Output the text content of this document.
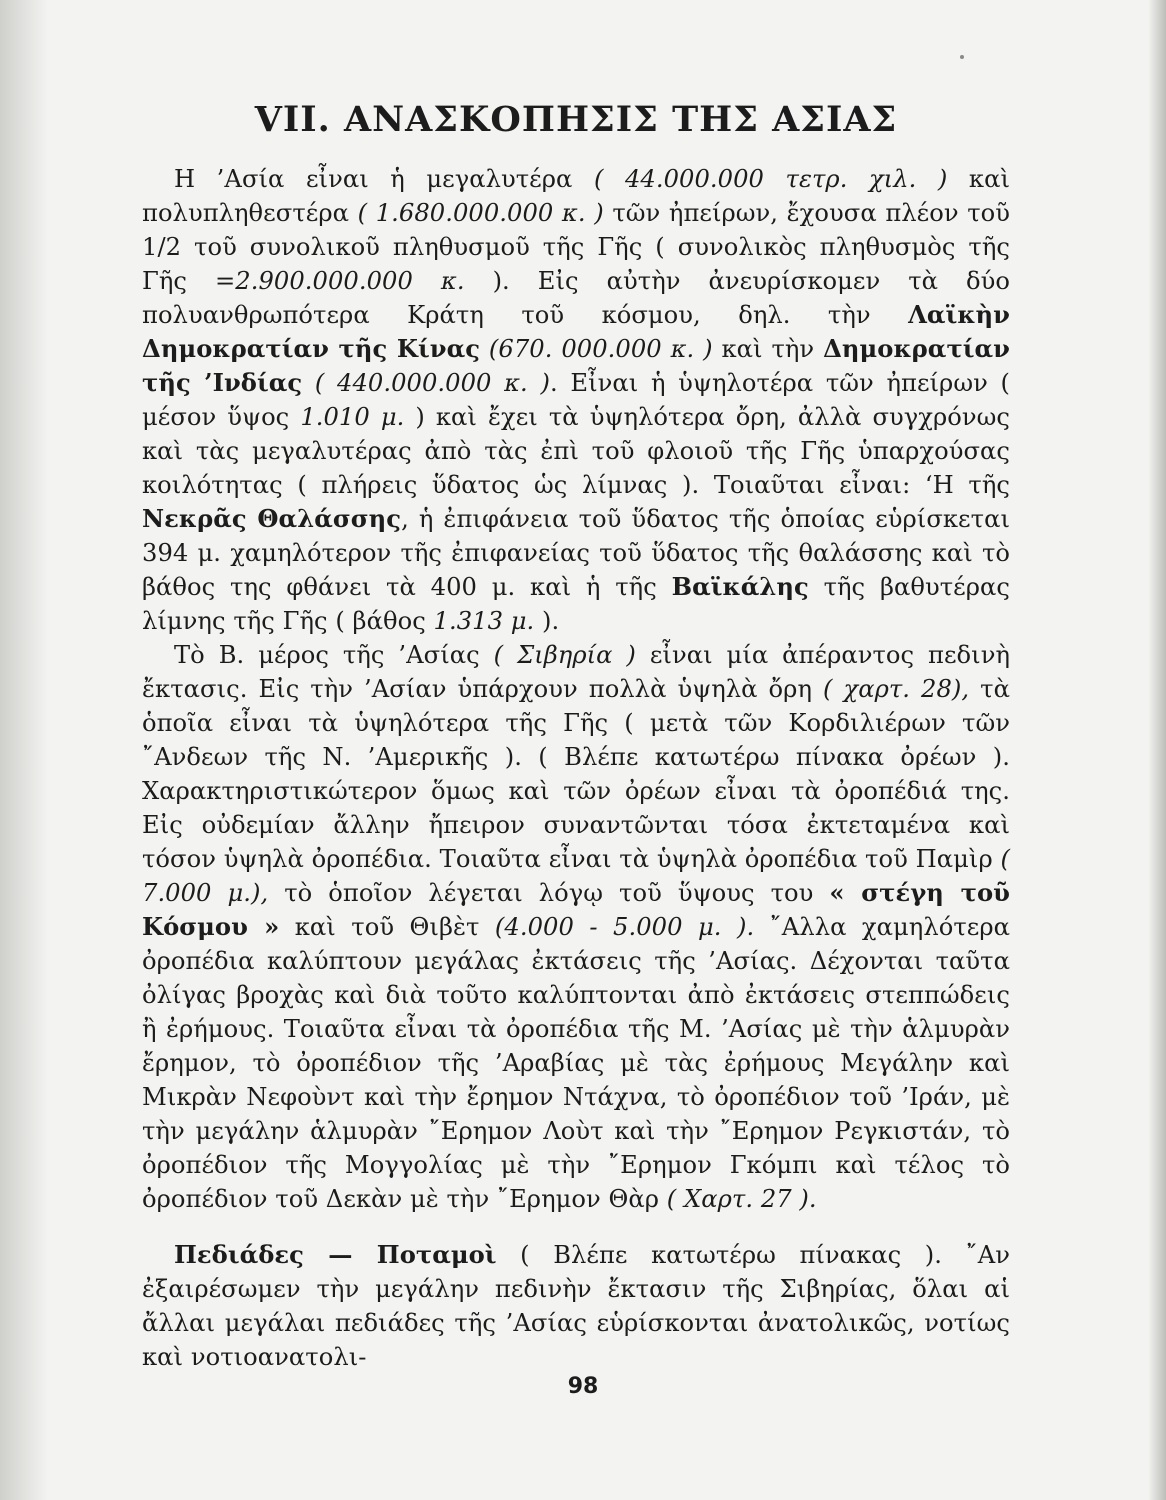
VII. ΑΝΑΣΚΟΠΗΣΙΣ ΤΗΣ ΑΣΙΑΣ

Η ’Ασία εἶναι ἡ μεγαλυτέρα ( 44.000.000 τετρ. χιλ. ) καὶ πολυπληθεστέρα ( 1.680.000.000 κ. ) τῶν ἠπείρων, ἔχουσα πλέον τοῦ 1/2 τοῦ συνολικοῦ πληθυσμοῦ τῆς Γῆς ( συνολικὸς πληθυσμὸς τῆς Γῆς =2.900.000.000 κ. ). Εἰς αὐτὴν ἀνευρίσκομεν τὰ δύο πολυανθρωπότερα Κράτη τοῦ κόσμου, δηλ. τὴν Λαϊκὴν Δημοκρατίαν τῆς Κίνας (670. 000.000 κ. ) καὶ τὴν Δημοκρατίαν τῆς ’Ινδίας ( 440.000.000 κ. ). Εἶναι ἡ ὑψηλοτέρα τῶν ἠπείρων ( μέσον ὕψος 1.010 μ. ) καὶ ἔχει τὰ ὑψηλότερα ὄρη, ἀλλὰ συγχρόνως καὶ τὰς μεγαλυτέρας ἀπὸ τὰς ἐπὶ τοῦ φλοιοῦ τῆς Γῆς ὑπαρχούσας κοιλότητας ( πλήρεις ὕδατος ὡς λίμνας ). Τοιαῦται εἶναι: ‘Η τῆς Νεκρᾶς Θαλάσσης, ἡ ἐπιφάνεια τοῦ ὕδατος τῆς ὁποίας εὑρίσκεται 394 μ. χαμηλότερον τῆς ἐπιφανείας τοῦ ὕδατος τῆς θαλάσσης καὶ τὸ βάθος της φθάνει τὰ 400 μ. καὶ ἡ τῆς Βαϊκάλης τῆς βαθυτέρας λίμνης τῆς Γῆς ( βάθος 1.313 μ. ).

Τὸ Β. μέρος τῆς ’Ασίας ( Σιβηρία ) εἶναι μία ἀπέραντος πεδινὴ ἔκτασις. Εἰς τὴν ’Ασίαν ὑπάρχουν πολλὰ ὑψηλὰ ὄρη ( χαρτ. 28), τὰ ὁποῖα εἶναι τὰ ὑψηλότερα τῆς Γῆς ( μετὰ τῶν Κορδιλιέρων τῶν ῎Ανδεων τῆς Ν. ’Αμερικῆς ). ( Βλέπε κατωτέρω πίνακα ὀρέων ). Χαρακτηριστικώτερον ὅμως καὶ τῶν ὀρέων εἶναι τὰ ὀροπέδιά της. Εἰς οὐδεμίαν ἄλλην ἤπειρον συναντῶνται τόσα ἐκτεταμένα καὶ τόσον ὑψηλὰ ὀροπέδια. Τοιαῦτα εἶναι τὰ ὑψηλὰ ὀροπέδια τοῦ Παμὶρ ( 7.000 μ.), τὸ ὁποῖον λέγεται λόγῳ τοῦ ὕψους του « στέγη τοῦ Κόσμου » καὶ τοῦ Θιβὲτ (4.000 - 5.000 μ. ). ῎Αλλα χαμηλότερα ὀροπέδια καλύπτουν μεγάλας ἐκτάσεις τῆς ’Ασίας. Δέχονται ταῦτα ὀλίγας βροχὰς καὶ διὰ τοῦτο καλύπτονται ἀπὸ ἐκτάσεις στεππώδεις ἢ ἐρήμους. Τοιαῦτα εἶναι τὰ ὀροπέδια τῆς Μ. ’Ασίας μὲ τὴν ἁλμυρὰν ἔρημον, τὸ ὀροπέδιον τῆς ’Αραβίας μὲ τὰς ἐρήμους Μεγάλην καὶ Μικρὰν Νεφοὺντ καὶ τὴν ἔρημον Ντάχνα, τὸ ὀροπέδιον τοῦ ’Ιράν, μὲ τὴν μεγάλην ἁλμυρὰν ῎Ερημον Λοὺτ καὶ τὴν ῎Ερημον Ρεγκιστάν, τὸ ὀροπέδιον τῆς Μογγολίας μὲ τὴν ῎Ερημον Γκόμπι καὶ τέλος τὸ ὀροπέδιον τοῦ Δεκὰν μὲ τὴν ῎Ερημον Θὰρ ( Χαρτ. 27 ).

Πεδιάδες — Ποταμοὶ ( Βλέπε κατωτέρω πίνακας ). ῎Αν ἐξαιρέσωμεν τὴν μεγάλην πεδινὴν ἔκτασιν τῆς Σιβηρίας, ὅλαι αἱ ἄλλαι μεγάλαι πεδιάδες τῆς ’Ασίας εὑρίσκονται ἀνατολικῶς, νοτίως καὶ νοτιοανατολι-

98
